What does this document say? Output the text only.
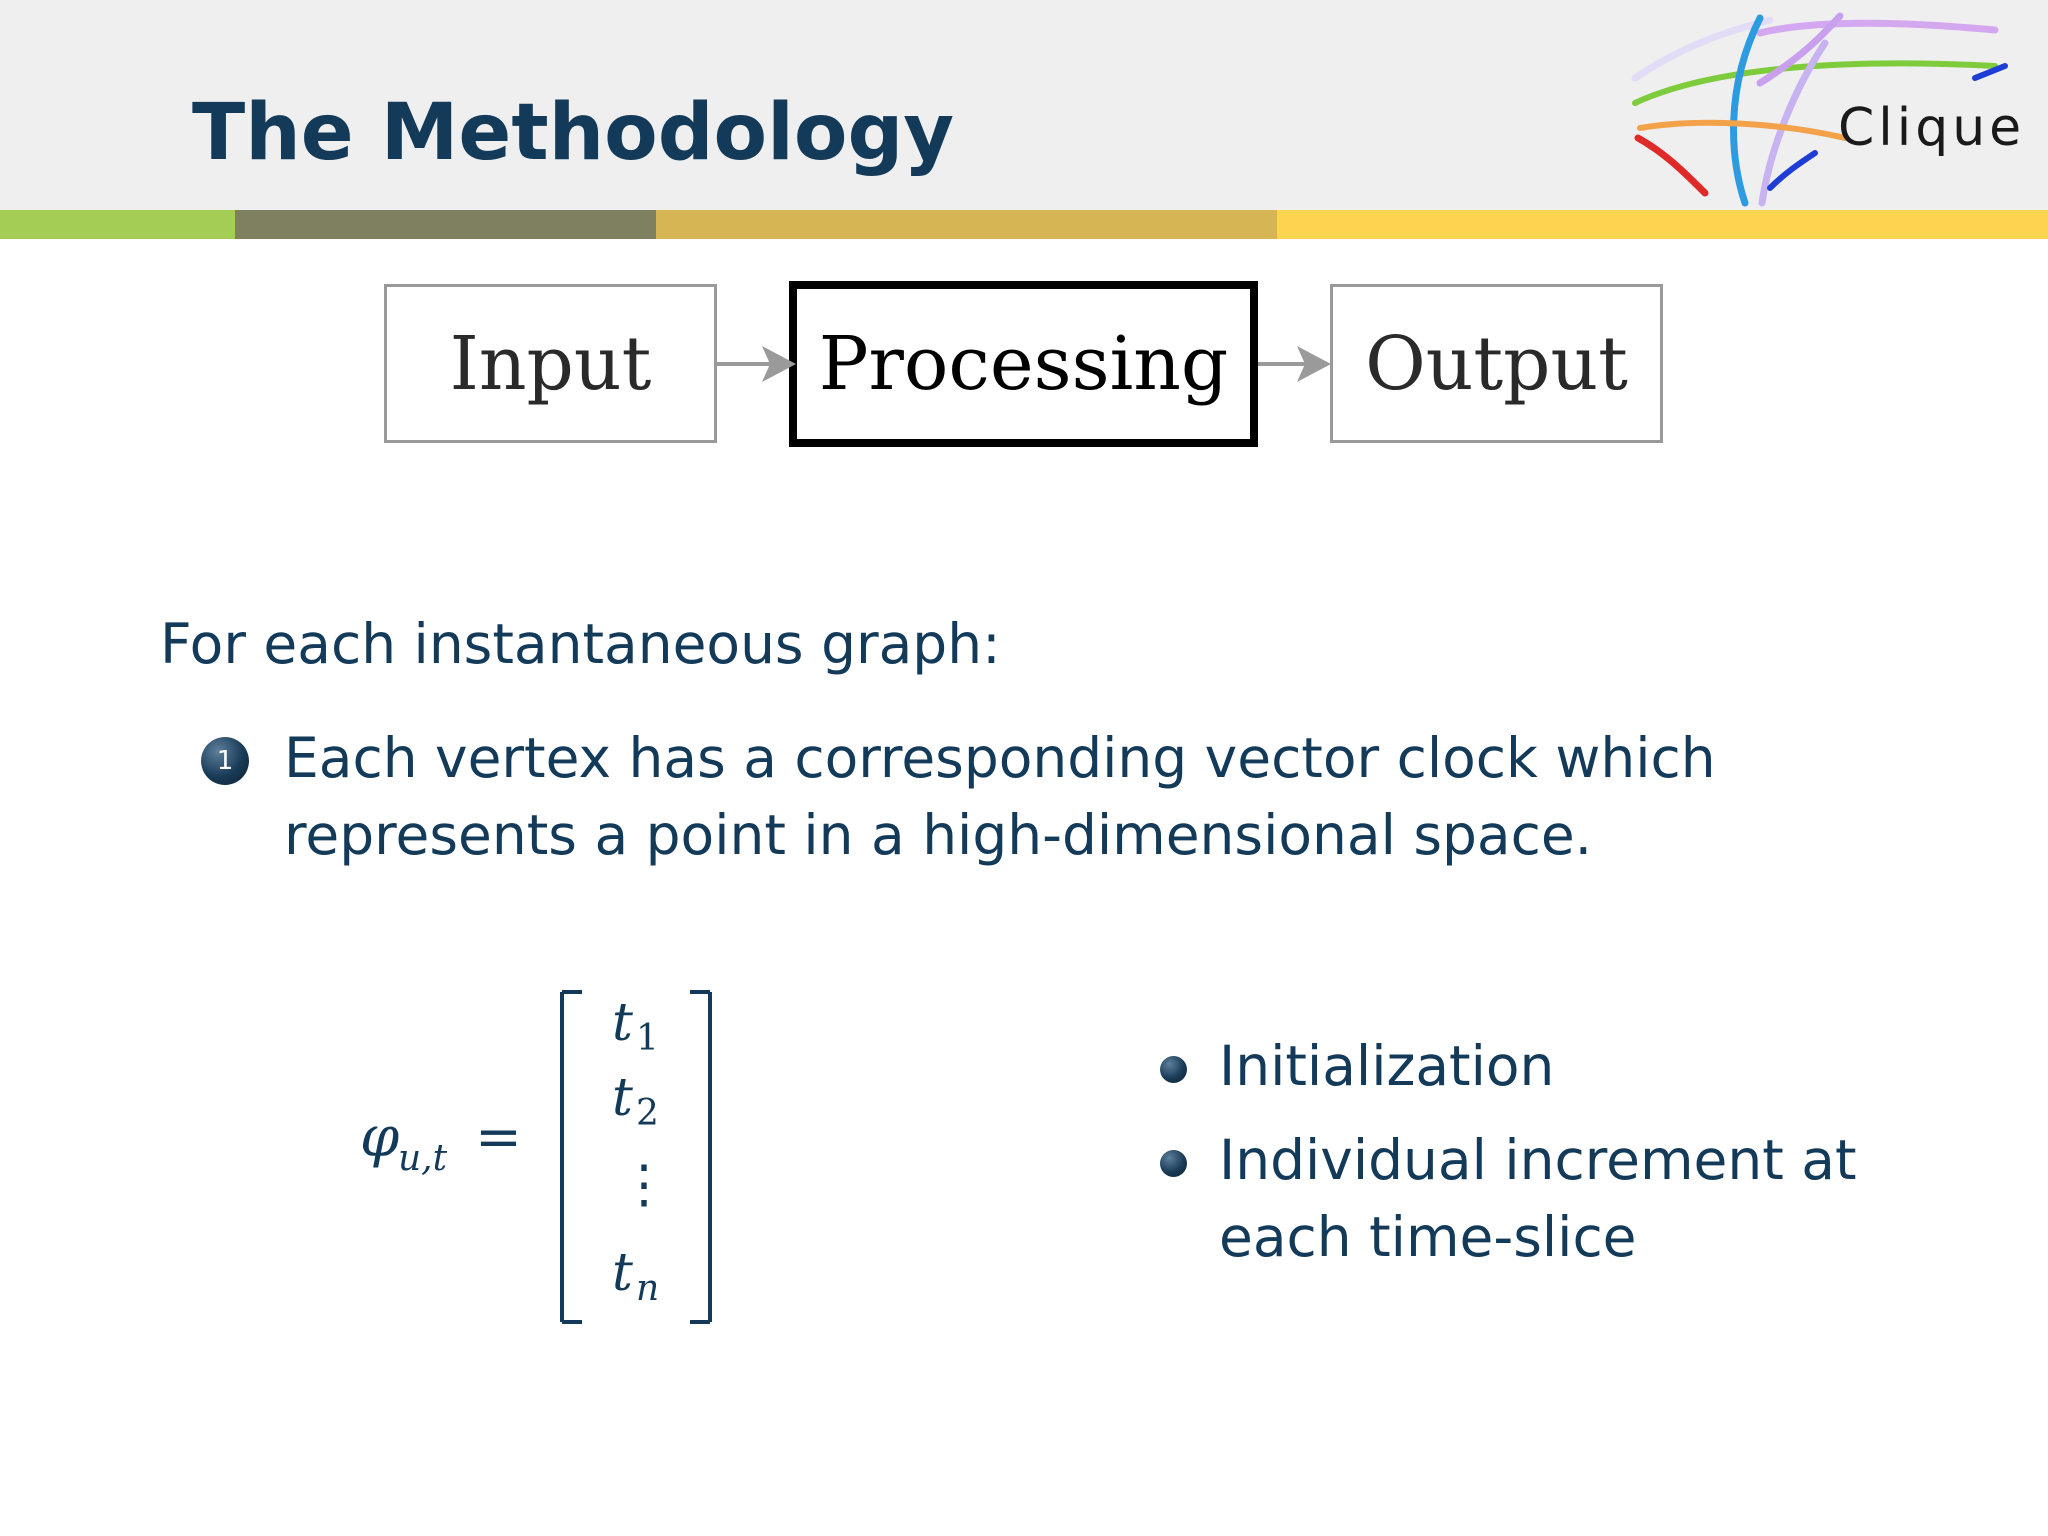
The Methodology	Clique
Input	Processing	Output
For each instantaneous graph:
1 Each vertex has a corresponding vector clock which represents a point in a high-dimensional space.
φ
u,t =
t 1
t 2
⋮
t n
Initialization
Individual increment at each time-slice
